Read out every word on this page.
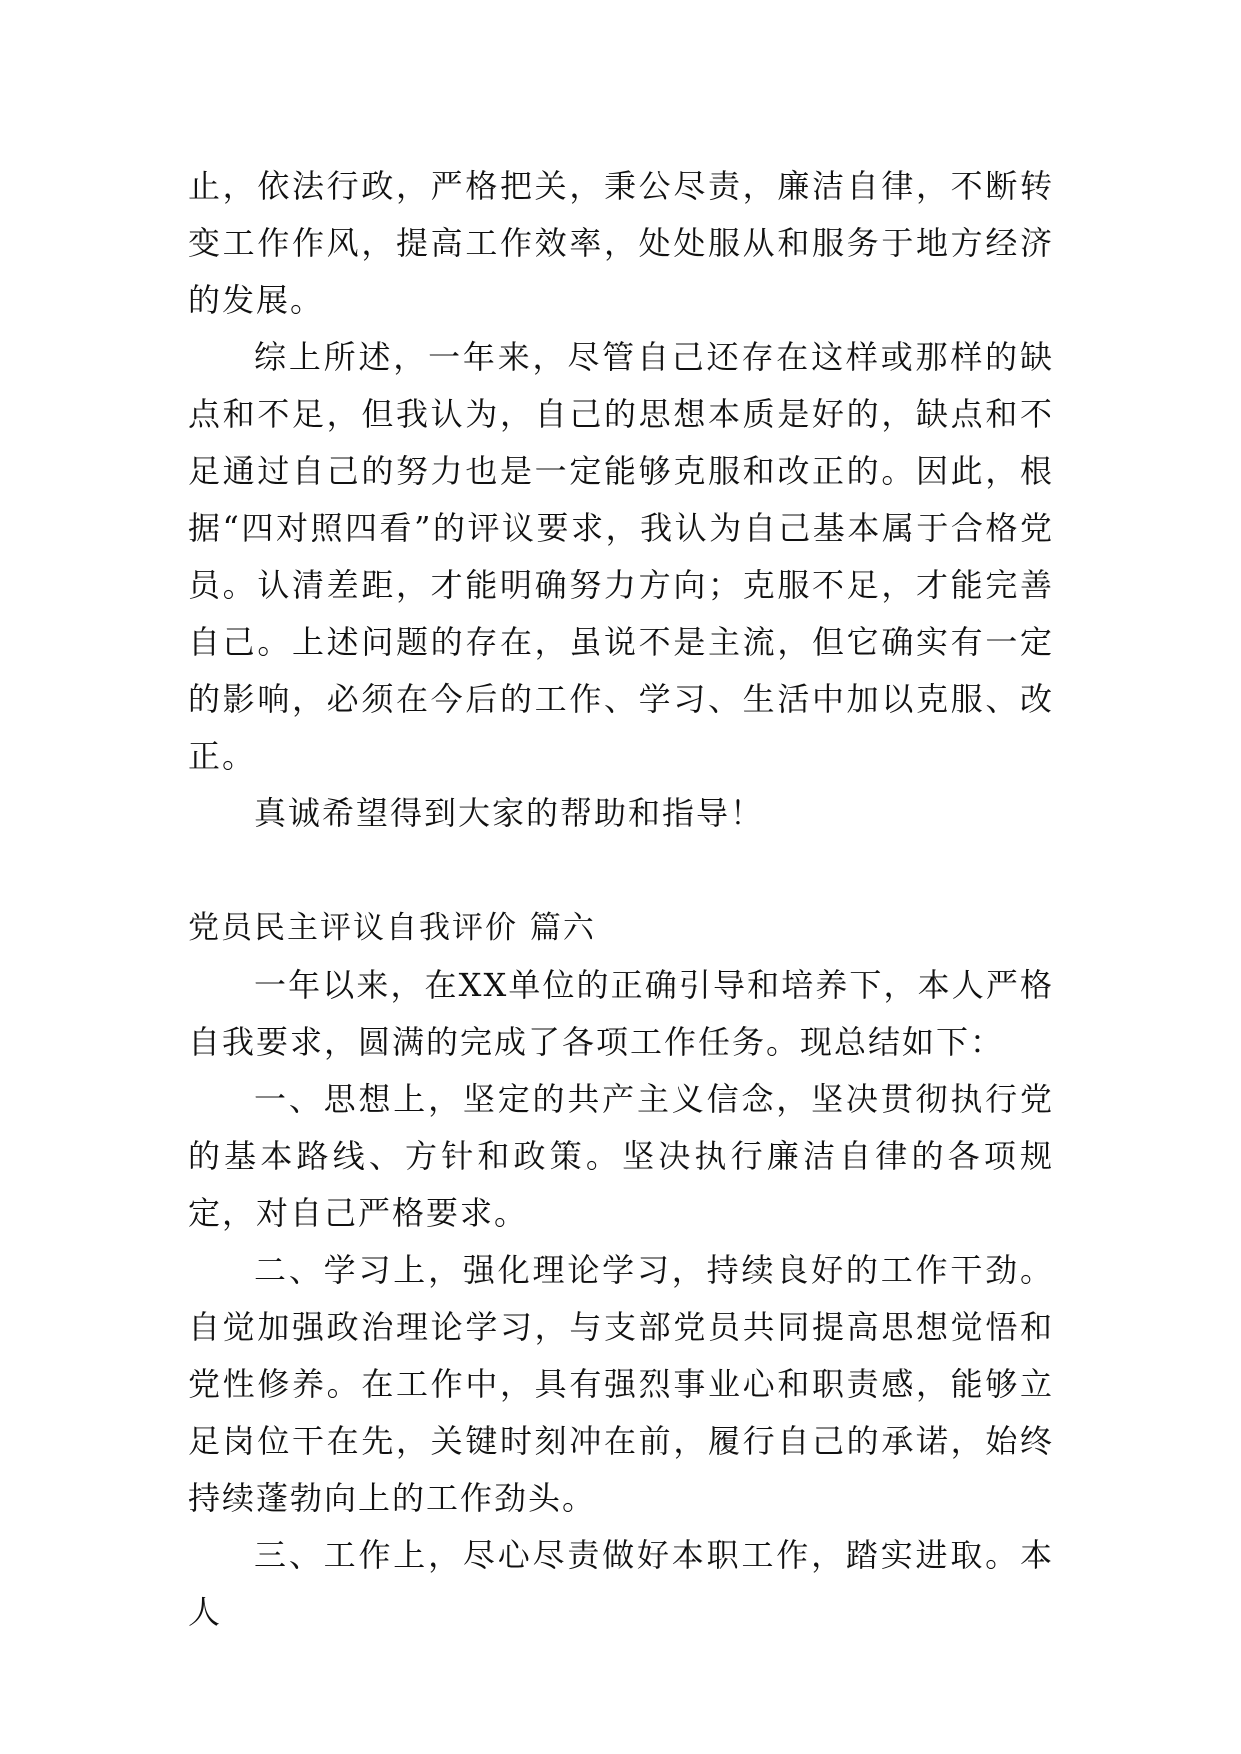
止，依法行政，严格把关，秉公尽责，廉洁自律，不断转变工作作风，提高工作效率，处处服从和服务于地方经济的发展。

综上所述，一年来，尽管自己还存在这样或那样的缺点和不足，但我认为，自己的思想本质是好的，缺点和不足通过自己的努力也是一定能够克服和改正的。因此，根据“四对照四看”的评议要求，我认为自己基本属于合格党员。认清差距，才能明确努力方向；克服不足，才能完善自己。上述问题的存在，虽说不是主流，但它确实有一定的影响，必须在今后的工作、学习、生活中加以克服、改正。

真诚希望得到大家的帮助和指导！

党员民主评议自我评价 篇六

一年以来，在XX单位的正确引导和培养下，本人严格自我要求，圆满的完成了各项工作任务。现总结如下：

一、思想上，坚定的共产主义信念，坚决贯彻执行党的基本路线、方针和政策。坚决执行廉洁自律的各项规定，对自己严格要求。

二、学习上，强化理论学习，持续良好的工作干劲。自觉加强政治理论学习，与支部党员共同提高思想觉悟和党性修养。在工作中，具有强烈事业心和职责感，能够立足岗位干在先，关键时刻冲在前，履行自己的承诺，始终持续蓬勃向上的工作劲头。

三、工作上，尽心尽责做好本职工作，踏实进取。本人
